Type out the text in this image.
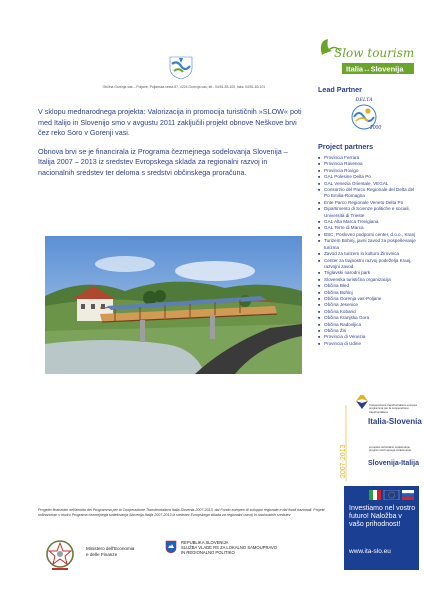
Občina Gorenja vas – Poljane, Poljanska cesta 87, 4224 Gorenja vas; tel.: 04/51-83-100, faks: 04/51-83-101

V sklopu mednarodnega projekta: Valorizacija in promocija turističnih »SLOW« poti med Italijo in Slovenijo smo v avgustu 2011 zaključili projekt obnove Neškove brvi čez reko Soro v Gorenji vasi.

Obnova brvi se je financirala iz Programa čezmejnega sodelovanja Slovenija – Italija 2007 – 2013 iz sredstev Evropskega sklada za regionalni razvoj in nacionalnih sredstev ter deloma s sredstvi občinskega proračuna.

Slow tourism
Italia↔Slovenija
Lead Partner
DELTA
2000
Project partners
■ Provincia Ferrara
■ Provincia Ravenna
■ Provincia Rovigo
■ GAL Polesine Delta Po
■ GAL Venezia Orientale, VEGAL
■ Consorzio del Parco Regionale del Delta del Po Emilia-Romagna
■ Ente Parco Regionale Veneto Delta Po
■ Dipartimento di Scienze politiche e sociali, Università di Trieste
■ GAL Alta Marca Trevigiana
■ GAL Terre di Marca
■ BSC, Poslovno podporni center, d.o.o., Kranj
■ Turizem Bohinj, javni zavod za pospeševanje turizma
■ Zavod za turizem in kulturo Žirovnica
■ Center za trajnostni razvoj podeželja Kranj, razvojni zavod
■ Triglavski narodni park
■ Slovenska turistična organizacija
■ Občina Bled
■ Občina Bohinj
■ Občina Gorenja vas-Poljane
■ Občina Jesenice
■ Občina Kobarid
■ Občina Kranjska Gora
■ Občina Radovljica
■ Občina Žiri
■ Provincia di Venezia
■ Provincia di Udine
2007-2013
Cooperazione transfrontaliera europea programma per la cooperazione transfrontaliera
Italia-Slovenia
evropsko teritorialno sodelovanje program čezmejnega sodelovanja
Slovenija-Italija
Investiamo nel vostro futuro! Naložba v vašo prihodnost!
www.ita-slo.eu
Progetto finanziato nell'ambito del Programma per la Cooperazione Transfrontaliera Italia-Slovenia 2007-2013, dal Fondo europeo di sviluppo regionale e dai fondi nazionali. Projekt sofinanciran v okviru Programa čezmejnega sodelovanja Slovenija-Italija 2007-2013 iz sredstev Evropskega sklada za regionalni razvoj in nacionalnih sredstev
Ministero dell'Economia
e delle Finanze
REPUBLIKA SLOVENIJA
SLUŽBA VLADE RS ZA LOKALNO SAMOUPRAVO
IN REGIONALNO POLITIKO
